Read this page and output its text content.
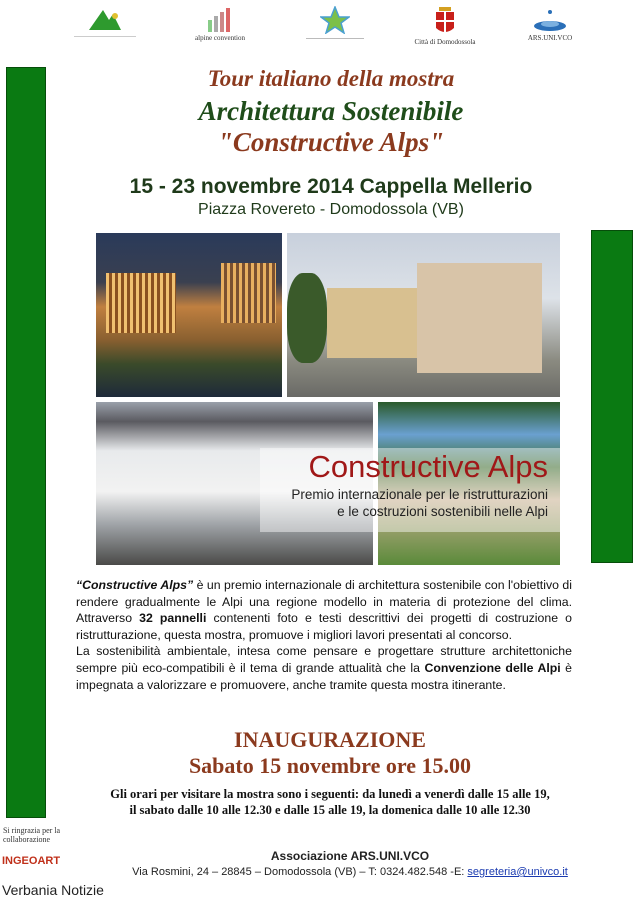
alpine convention	Città di Domodossola	ARS.UNI.VCO
Tour italiano della mostra
Architettura Sostenibile
"Constructive Alps"
15 - 23 novembre 2014 Cappella Mellerio
Piazza Rovereto - Domodossola (VB)
Constructive Alps
Premio internazionale per le ristrutturazioni
e le costruzioni sostenibili nelle Alpi

“Constructive Alps” è un premio internazionale di architettura sostenibile con l'obiettivo di rendere gradualmente le Alpi una regione modello in materia di protezione del clima. Attraverso 32 pannelli contenenti foto e testi descrittivi dei progetti di costruzione o ristrutturazione, questa mostra, promuove i migliori lavori presentati al concorso.

La sostenibilità ambientale, intesa come pensare e progettare strutture architettoniche sempre più eco-compatibili è il tema di grande attualità che la Convenzione delle Alpi è impegnata a valorizzare e promuovere, anche tramite questa mostra itinerante.

INAUGURAZIONE
Sabato 15 novembre ore 15.00
Gli orari per visitare la mostra sono i seguenti: da lunedì a venerdì dalle 15 alle 19,
il sabato dalle 10 alle 12.30 e dalle 15 alle 19, la domenica dalle 10 alle 12.30
Si ringrazia per la collaborazione
INGEOART	Associazione ARS.UNI.VCO
Via Rosmini, 24 – 28845 – Domodossola (VB) – T: 0324.482.548 -E: segreteria@univco.it
Verbania Notizie
